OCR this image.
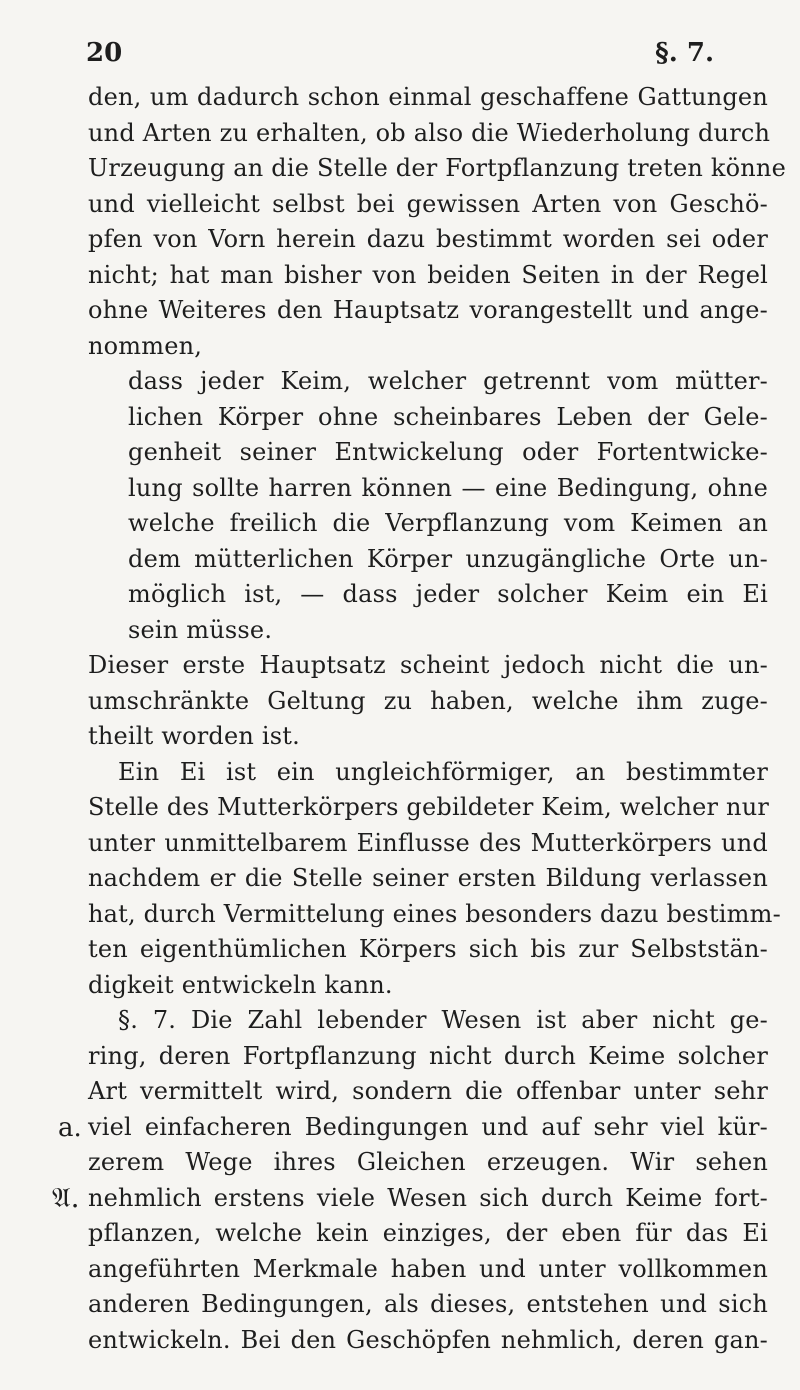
20	§. 7.
a.
𝔄.
den, um dadurch schon einmal geschaffene Gattungen
und Arten zu erhalten, ob also die Wiederholung durch
Urzeugung an die Stelle der Fortpflanzung treten könne
und vielleicht selbst bei gewissen Arten von Geschö-
pfen von Vorn herein dazu bestimmt worden sei oder
nicht; hat man bisher von beiden Seiten in der Regel
ohne Weiteres den Hauptsatz vorangestellt und ange-
nommen,
dass jeder Keim, welcher getrennt vom mütter-
lichen Körper ohne scheinbares Leben der Gele-
genheit seiner Entwickelung oder Fortentwicke-
lung sollte harren können — eine Bedingung, ohne
welche freilich die Verpflanzung vom Keimen an
dem mütterlichen Körper unzugängliche Orte un-
möglich ist, — dass jeder solcher Keim ein Ei
sein müsse.
Dieser erste Hauptsatz scheint jedoch nicht die un-
umschränkte Geltung zu haben, welche ihm zuge-
theilt worden ist.
Ein Ei ist ein ungleichförmiger, an bestimmter
Stelle des Mutterkörpers gebildeter Keim, welcher nur
unter unmittelbarem Einflusse des Mutterkörpers und
nachdem er die Stelle seiner ersten Bildung verlassen
hat, durch Vermittelung eines besonders dazu bestimm-
ten eigenthümlichen Körpers sich bis zur Selbststän-
digkeit entwickeln kann.
§. 7. Die Zahl lebender Wesen ist aber nicht ge-
ring, deren Fortpflanzung nicht durch Keime solcher
Art vermittelt wird, sondern die offenbar unter sehr
viel einfacheren Bedingungen und auf sehr viel kür-
zerem Wege ihres Gleichen erzeugen. Wir sehen
nehmlich erstens viele Wesen sich durch Keime fort-
pflanzen, welche kein einziges, der eben für das Ei
angeführten Merkmale haben und unter vollkommen
anderen Bedingungen, als dieses, entstehen und sich
entwickeln. Bei den Geschöpfen nehmlich, deren gan-
